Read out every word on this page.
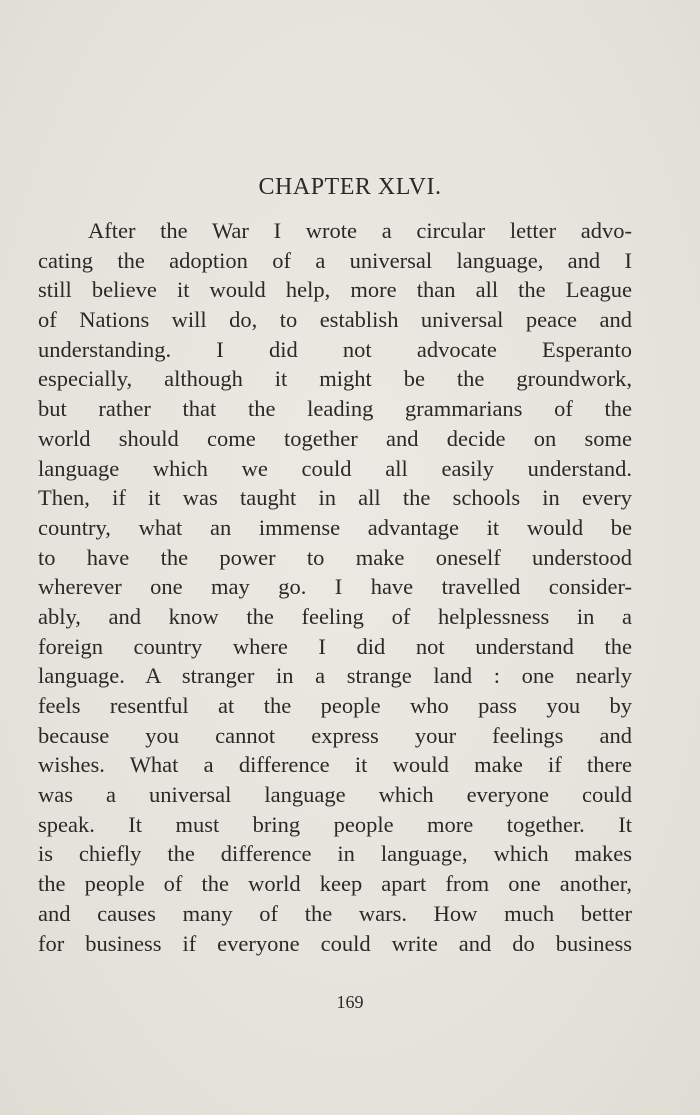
CHAPTER XLVI.
After the War I wrote a circular letter advo-
cating the adoption of a universal language, and I
still believe it would help, more than all the League
of Nations will do, to establish universal peace and
understanding. I did not advocate Esperanto
especially, although it might be the groundwork,
but rather that the leading grammarians of the
world should come together and decide on some
language which we could all easily understand.
Then, if it was taught in all the schools in every
country, what an immense advantage it would be
to have the power to make oneself understood
wherever one may go. I have travelled consider-
ably, and know the feeling of helplessness in a
foreign country where I did not understand the
language. A stranger in a strange land : one nearly
feels resentful at the people who pass you by
because you cannot express your feelings and
wishes. What a difference it would make if there
was a universal language which everyone could
speak. It must bring people more together. It
is chiefly the difference in language, which makes
the people of the world keep apart from one another,
and causes many of the wars. How much better
for business if everyone could write and do business
169
